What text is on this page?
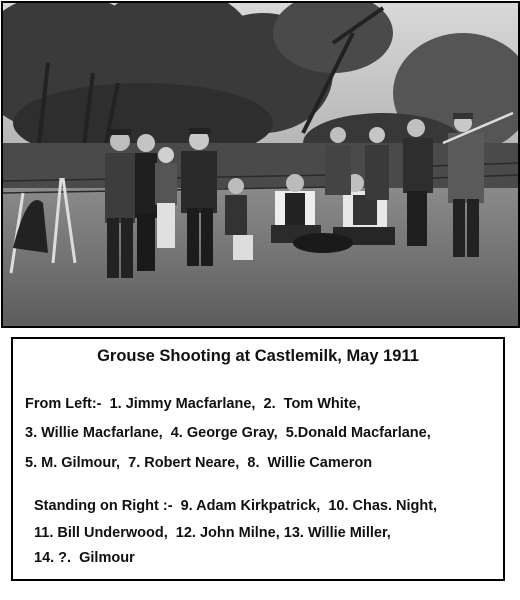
Grouse Shooting at Castlemilk, May 1911
From Left:-  1. Jimmy Macfarlane,  2.  Tom White,
3. Willie Macfarlane,  4. George Gray,  5.Donald Macfarlane,
5. M. Gilmour,  7. Robert Neare,  8.  Willie Cameron
Standing on Right :-  9. Adam Kirkpatrick,  10. Chas. Night,
11. Bill Underwood,  12. John Milne, 13. Willie Miller,
14. ?.  Gilmour
